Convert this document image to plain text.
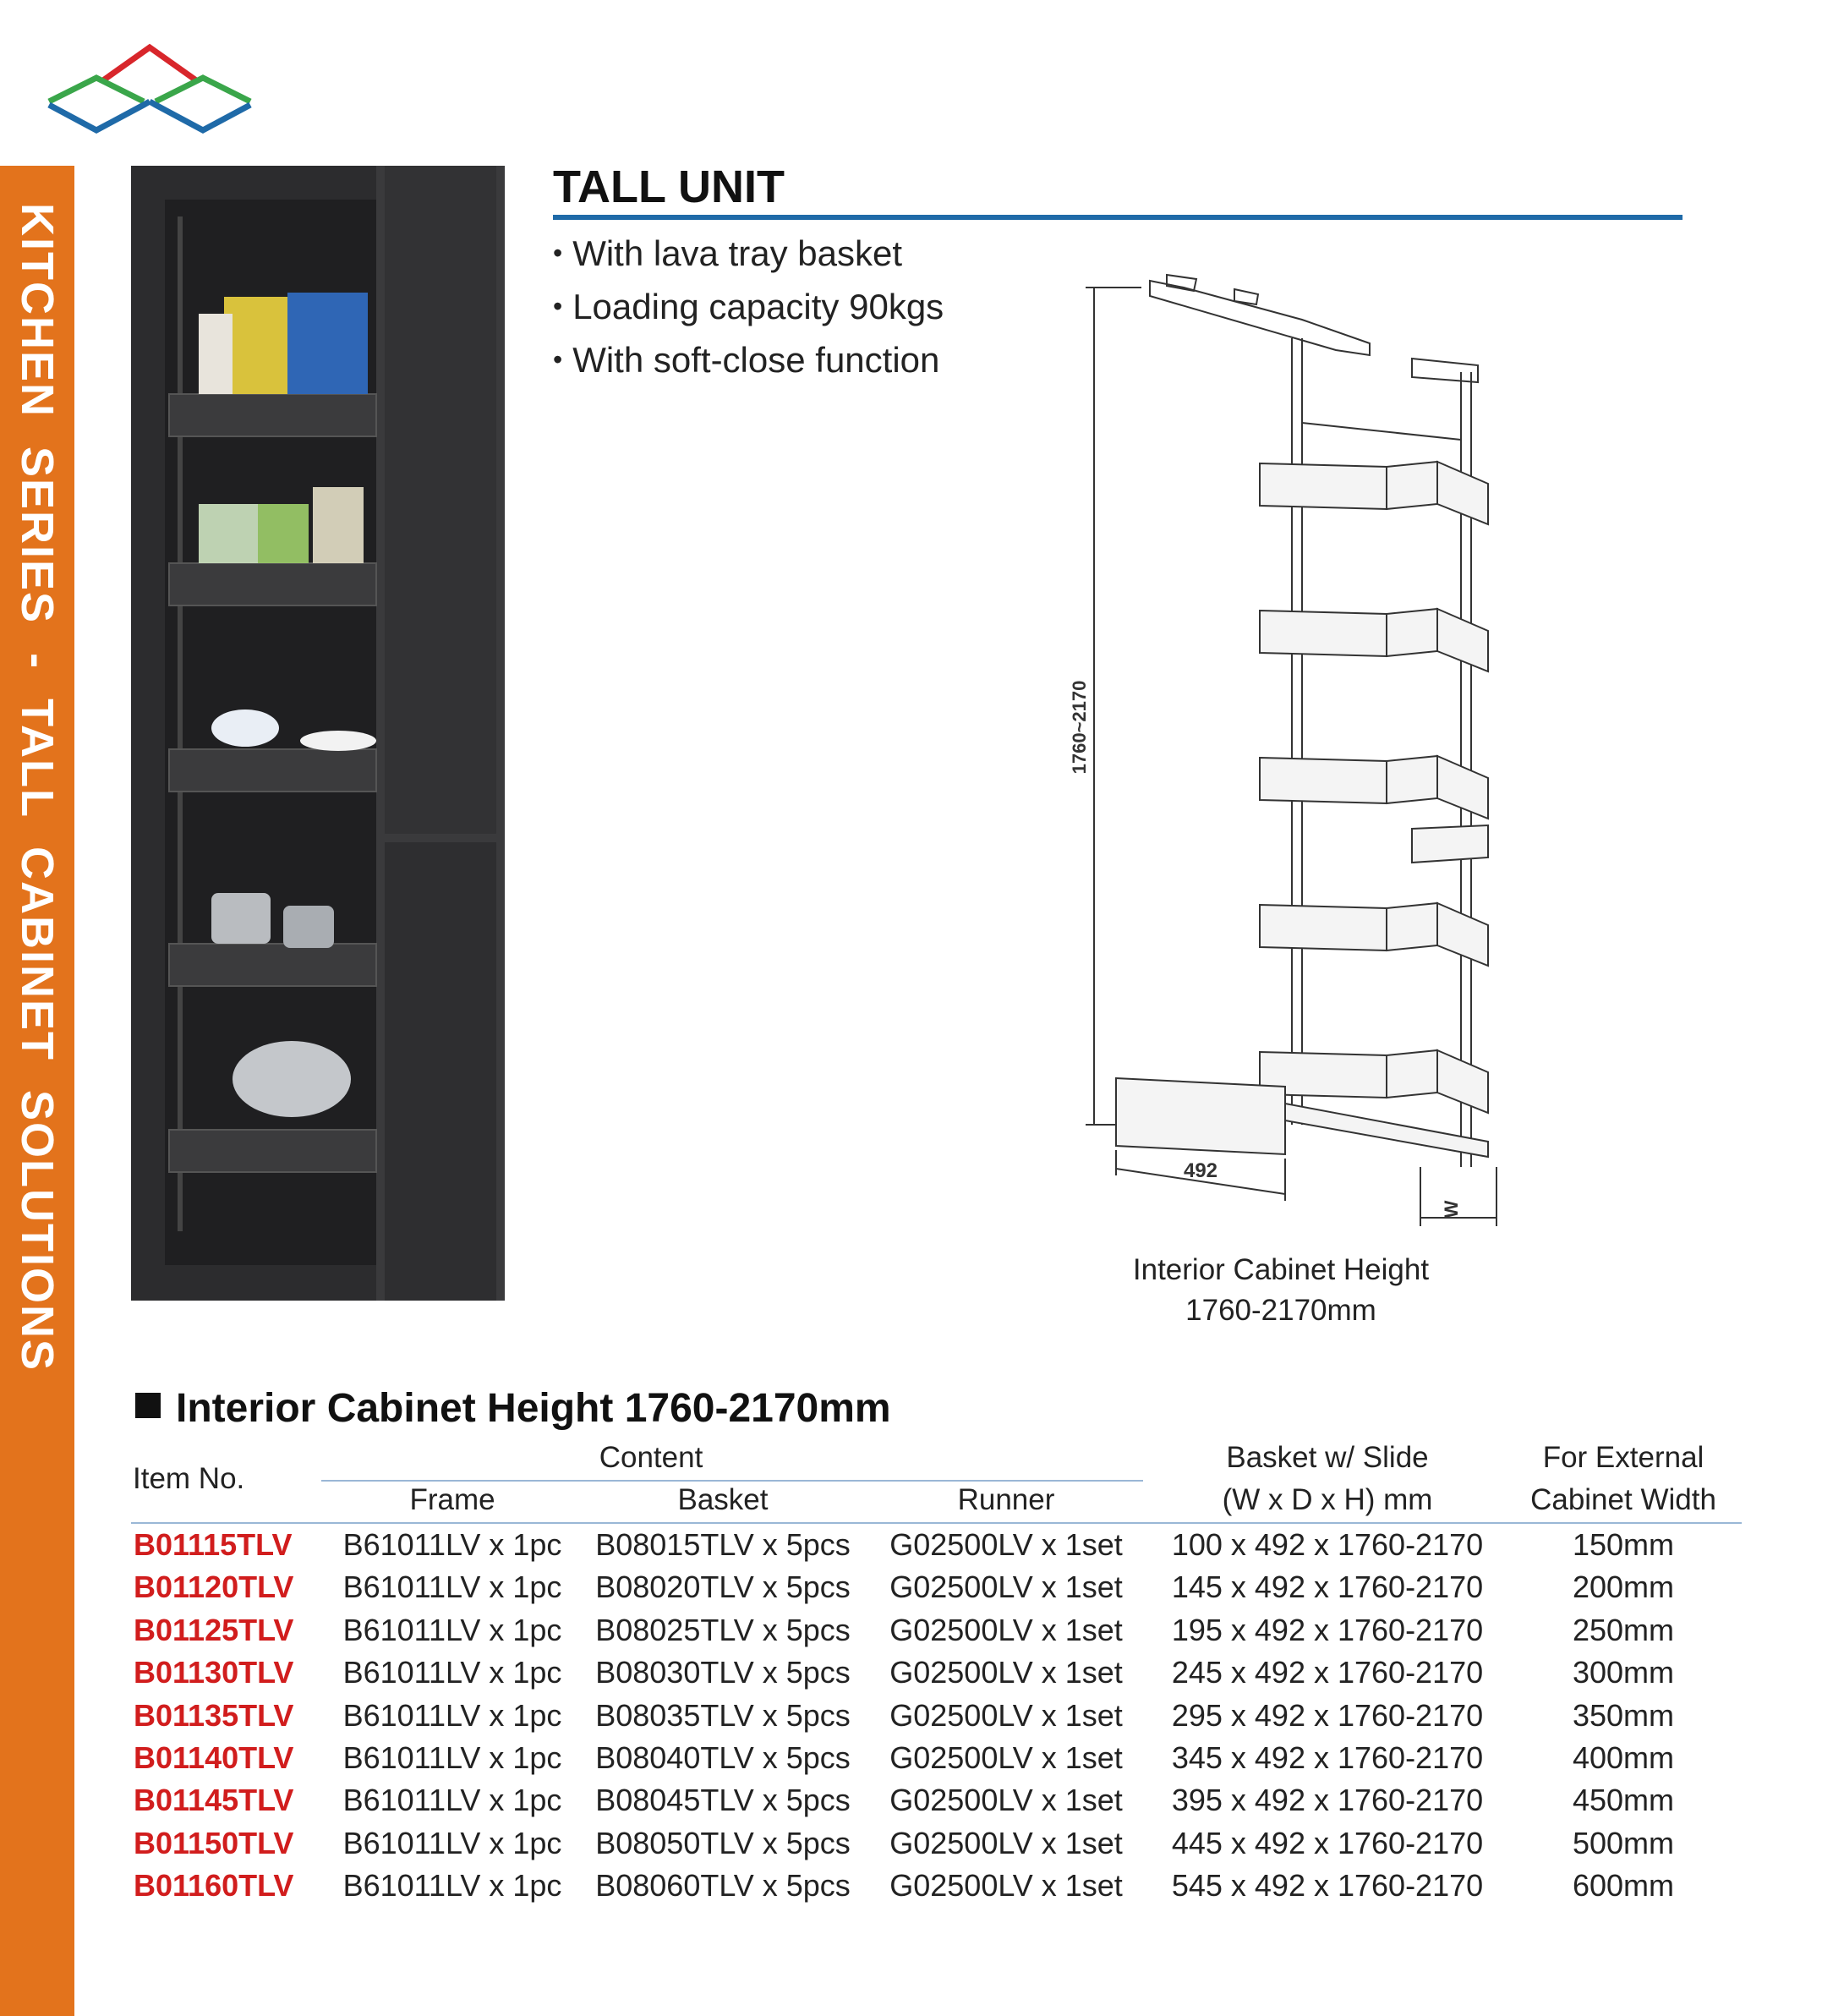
KITCHEN  SERIES  -  TALL  CABINET  SOLUTIONS
TALL UNIT
• With lava tray basket
• Loading capacity 90kgs
• With soft-close function
1760~2170
492
W
Interior Cabinet Height
1760-2170mm
Interior Cabinet Height 1760-2170mm
Item No.
Content
Frame	Basket	Runner
Basket w/ Slide
(W x D x H) mm
For External
Cabinet Width
B01115TLV	B61011LV x 1pc	B08015TLV x 5pcs	G02500LV x 1set	100 x 492 x 1760-2170	150mm
B01120TLV	B61011LV x 1pc	B08020TLV x 5pcs	G02500LV x 1set	145 x 492 x 1760-2170	200mm
B01125TLV	B61011LV x 1pc	B08025TLV x 5pcs	G02500LV x 1set	195 x 492 x 1760-2170	250mm
B01130TLV	B61011LV x 1pc	B08030TLV x 5pcs	G02500LV x 1set	245 x 492 x 1760-2170	300mm
B01135TLV	B61011LV x 1pc	B08035TLV x 5pcs	G02500LV x 1set	295 x 492 x 1760-2170	350mm
B01140TLV	B61011LV x 1pc	B08040TLV x 5pcs	G02500LV x 1set	345 x 492 x 1760-2170	400mm
B01145TLV	B61011LV x 1pc	B08045TLV x 5pcs	G02500LV x 1set	395 x 492 x 1760-2170	450mm
B01150TLV	B61011LV x 1pc	B08050TLV x 5pcs	G02500LV x 1set	445 x 492 x 1760-2170	500mm
B01160TLV	B61011LV x 1pc	B08060TLV x 5pcs	G02500LV x 1set	545 x 492 x 1760-2170	600mm
